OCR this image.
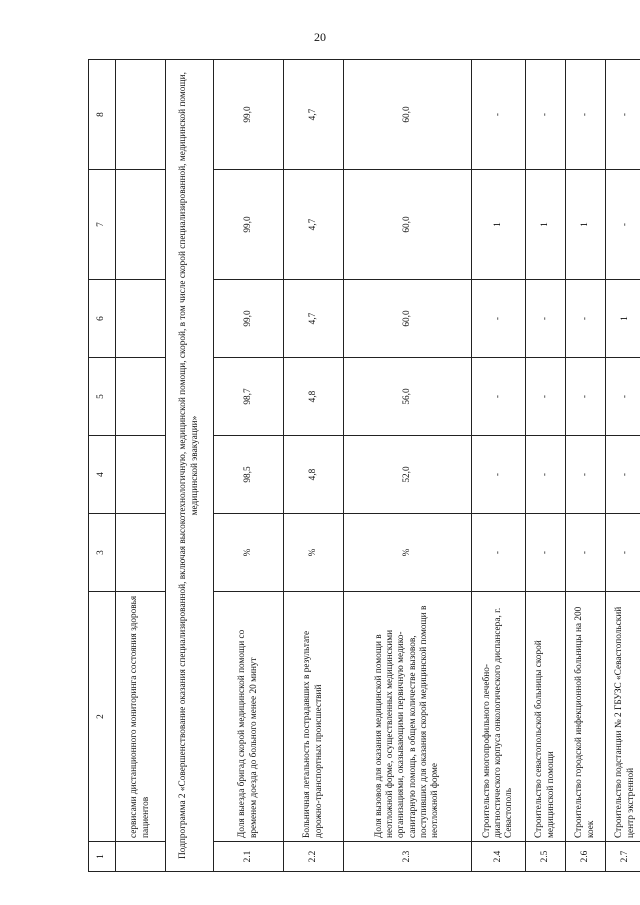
20
1	2	3	4	5	6	7	8
	сервисами дистанционного мониторинга состояния здоровья пациентов						
Подпрограмма 2 «Совершенствование оказания специализированной, включая высокотехнологичную, медицинской помощи, скорой, в том числе скорой специализированной, медицинской помощи, медицинской эвакуации»							
2.1	Доля выезда бригад скорой медицинской помощи со временем доезда до больного менее 20 минут	%	98,5	98,7	99,0	99,0	99,0
2.2	Больничная летальность пострадавших в результате дорожно-транспортных происшествий	%	4,8	4,8	4,7	4,7	4,7
2.3	Доля вызовов для оказания медицинской помощи в неотложной форме, осуществленных медицинскими организациями, оказывающими первичную медико-санитарную помощь, в общем количестве вызовов, поступивших для оказания скорой медицинской помощи в неотложной форме	%	52,0	56,0	60,0	60,0	60,0
2.4	Строительство многопрофильного лечебно-диагностического корпуса онкологического диспансера, г. Севастополь	-	-	-	-	1	-
2.5	Строительство севастопольской больницы скорой медицинской помощи	-	-	-	-	1	-
2.6	Строительство городской инфекционной больницы на 200 коек	-	-	-	-	1	-
2.7	Строительство подстанции № 2 ГБУЗС «Севастопольский центр экстренной	-	-	-	1	-	-
